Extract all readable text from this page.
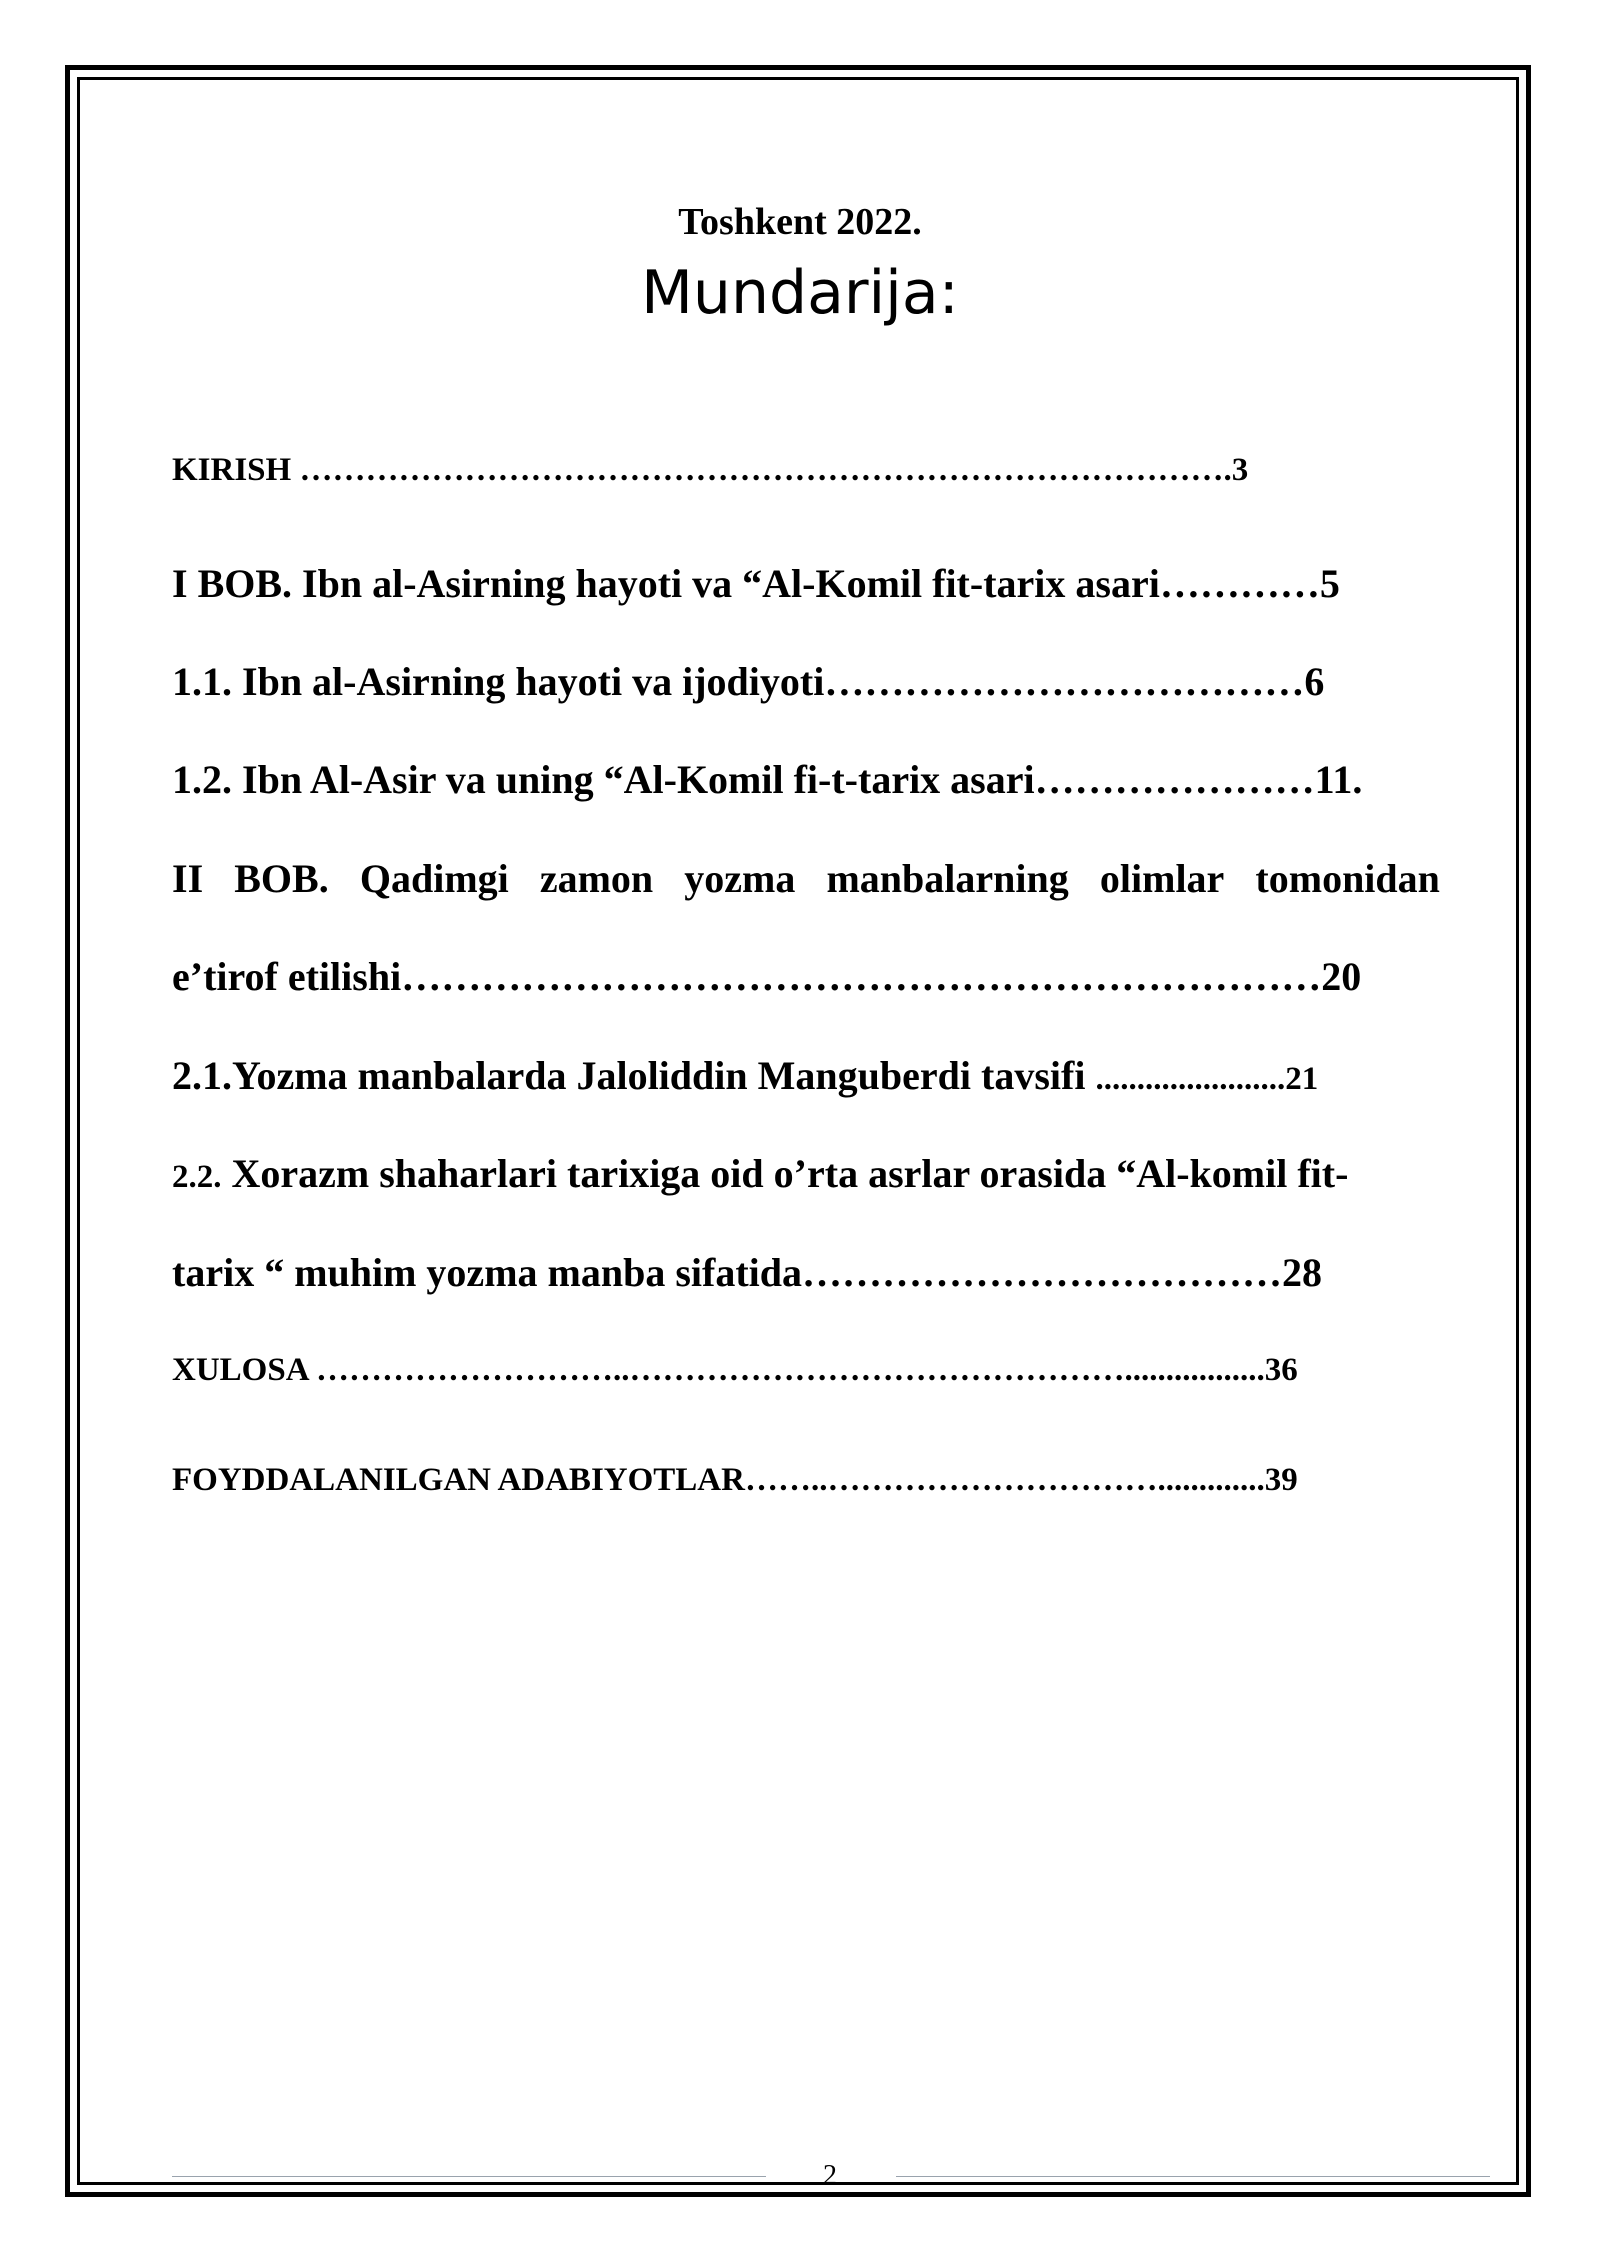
Toshkent 2022.
Mundarija:

KIRISH ………………………………………………………………………….3

I BOB. Ibn al-Asirning hayoti va “Al-Komil fit-tarix asari…………5

1.1. Ibn al-Asirning hayoti va ijodiyoti………………………………6

1.2. Ibn Al-Asir va uning “Al-Komil fi-t-tarix asari…………………11.

II BOB. Qadimgi zamon yozma manbalarning olimlar tomonidan

e’tirof etilishi……………………………………………………………20

2.1.Yozma manbalarda Jaloliddin Manguberdi tavsifi .......................21

2.2. Xorazm shaharlari tarixiga oid o’rta asrlar orasida “Al-komil fit-

tarix “ muhim yozma manba sifatida………………………………28

XULOSA ………………………..……………………………………….................36

FOYDDALANILGAN ADABIYOTLAR……..………………………….............39

2
